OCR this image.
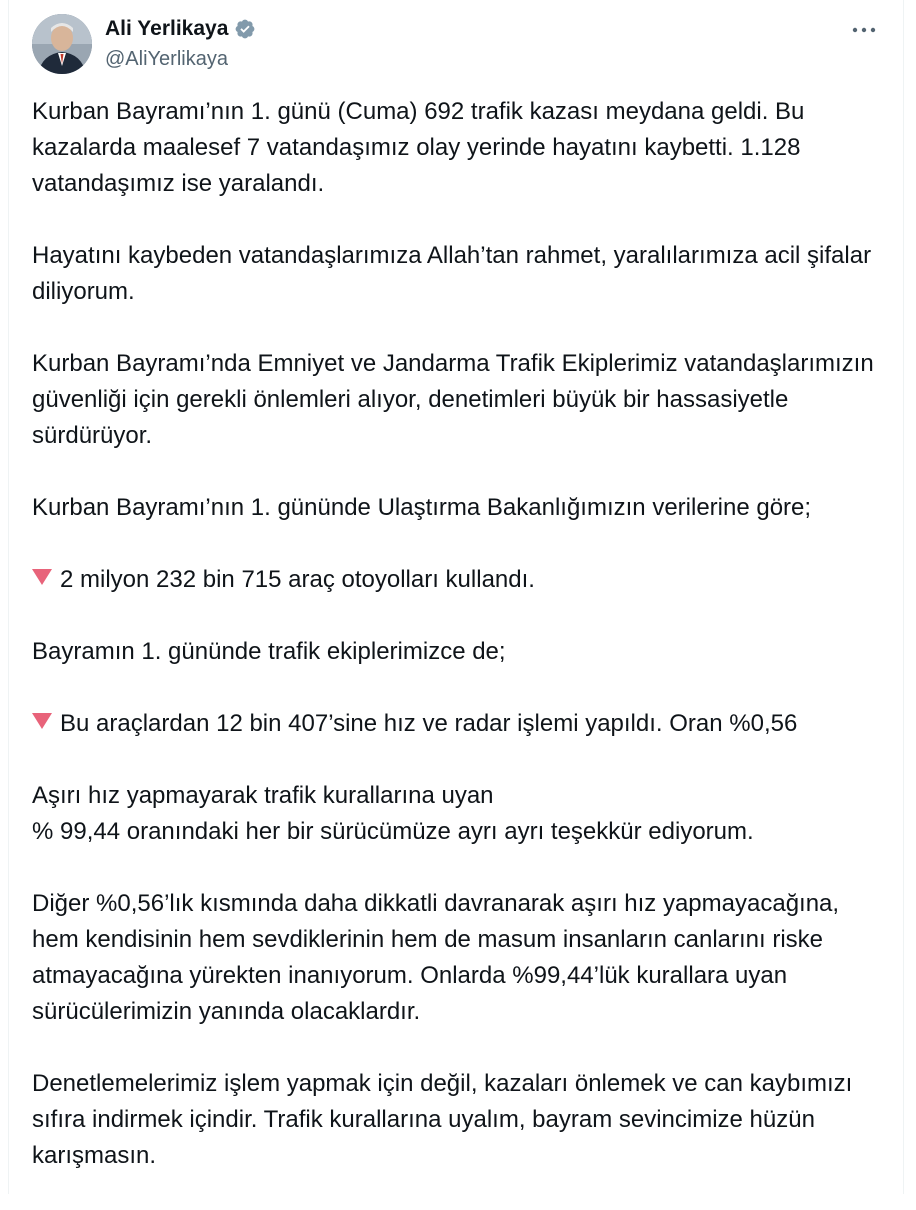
Ali Yerlikaya
@AliYerlikaya

Kurban Bayramı’nın 1. günü (Cuma) 692 trafik kazası meydana geldi. Bu kazalarda maalesef 7 vatandaşımız olay yerinde hayatını kaybetti. 1.128 vatandaşımız ise yaralandı.

Hayatını kaybeden vatandaşlarımıza Allah’tan rahmet, yaralılarımıza acil şifalar diliyorum.

Kurban Bayramı’nda Emniyet ve Jandarma Trafik Ekiplerimiz vatandaşlarımızın güvenliği için gerekli önlemleri alıyor, denetimleri büyük bir hassasiyetle sürdürüyor.

Kurban Bayramı’nın 1. gününde Ulaştırma Bakanlığımızın verilerine göre;

2 milyon 232 bin 715 araç otoyolları kullandı.

Bayramın 1. gününde trafik ekiplerimizce de;

Bu araçlardan 12 bin 407’sine hız ve radar işlemi yapıldı. Oran %0,56

Aşırı hız yapmayarak trafik kurallarına uyan
% 99,44 oranındaki her bir sürücümüze ayrı ayrı teşekkür ediyorum.

Diğer %0,56’lık kısmında daha dikkatli davranarak aşırı hız yapmayacağına, hem kendisinin hem sevdiklerinin hem de masum insanların canlarını riske atmayacağına yürekten inanıyorum. Onlarda %99,44’lük kurallara uyan sürücülerimizin yanında olacaklardır.

Denetlemelerimiz işlem yapmak için değil, kazaları önlemek ve can kaybımızı sıfıra indirmek içindir. Trafik kurallarına uyalım, bayram sevincimize hüzün karışmasın.
